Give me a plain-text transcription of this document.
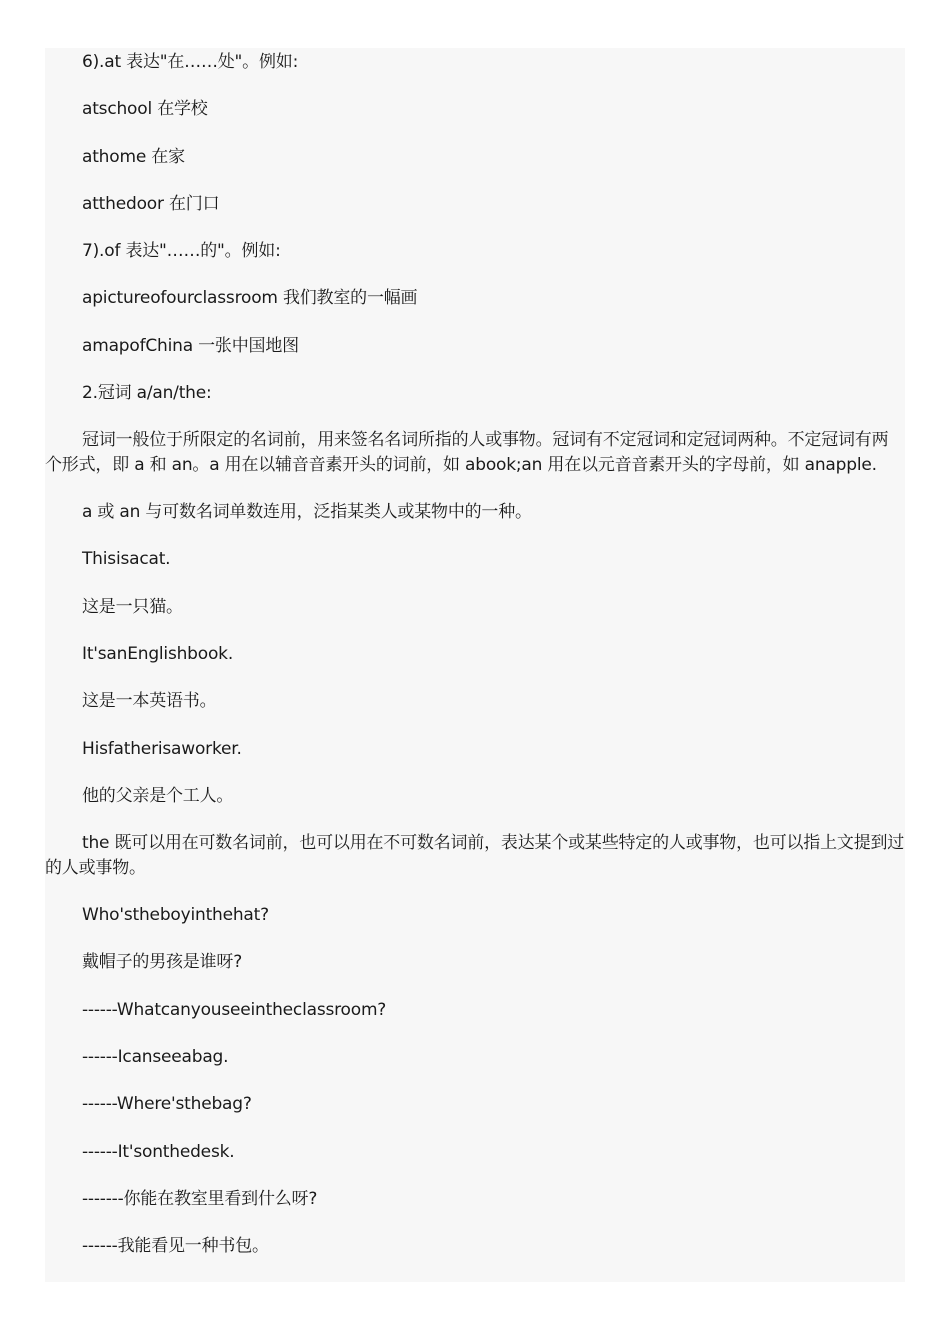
6).at 表达"在……处"。例如:

atschool 在学校

athome 在家

atthedoor 在门口

7).of 表达"……的"。例如:

apictureofourclassroom 我们教室的一幅画

amapofChina 一张中国地图

2.冠词 a/an/the:

冠词一般位于所限定的名词前，用来签名名词所指的人或事物。冠词有不定冠词和定冠词两种。不定冠词有两个形式，即 a 和 an。a 用在以辅音音素开头的词前，如 abook;an 用在以元音音素开头的字母前，如 anapple.

a 或 an 与可数名词单数连用，泛指某类人或某物中的一种。

Thisisacat.

这是一只猫。

It'sanEnglishbook.

这是一本英语书。

Hisfatherisaworker.

他的父亲是个工人。

the 既可以用在可数名词前，也可以用在不可数名词前，表达某个或某些特定的人或事物，也可以指上文提到过的人或事物。

Who'stheboyinthehat?

戴帽子的男孩是谁呀?

------Whatcanyouseeintheclassroom?

------Icanseeabag.

------Where'sthebag?

------It'sonthedesk.

-------你能在教室里看到什么呀?

------我能看见一种书包。
